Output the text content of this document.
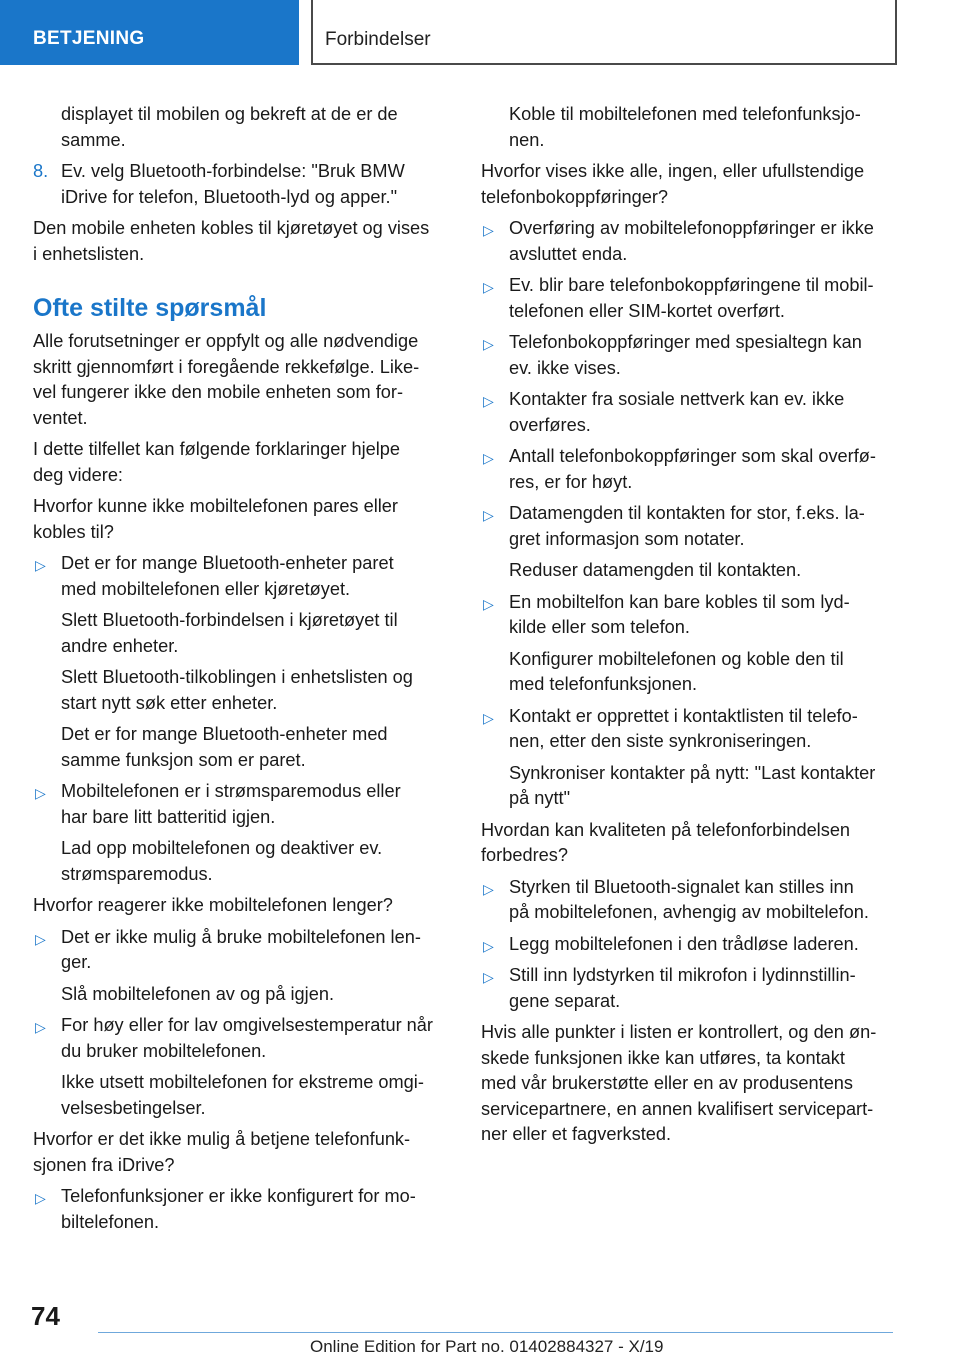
BETJENING	Forbindelser
displayet til mobilen og bekreft at de er de
samme.
8. Ev. velg Bluetooth-forbindelse: "Bruk BMW
iDrive for telefon, Bluetooth-lyd og apper."
Den mobile enheten kobles til kjøretøyet og vises
i enhetslisten.
Ofte stilte spørsmål
Alle forutsetninger er oppfylt og alle nødvendige
skritt gjennomført i foregående rekkefølge. Like-
vel fungerer ikke den mobile enheten som for-
ventet.
I dette tilfellet kan følgende forklaringer hjelpe
deg videre:
Hvorfor kunne ikke mobiltelefonen pares eller
kobles til?
▷ Det er for mange Bluetooth-enheter paret
med mobiltelefonen eller kjøretøyet.
Slett Bluetooth-forbindelsen i kjøretøyet til
andre enheter.
Slett Bluetooth-tilkoblingen i enhetslisten og
start nytt søk etter enheter.
Det er for mange Bluetooth-enheter med
samme funksjon som er paret.
▷ Mobiltelefonen er i strømsparemodus eller
har bare litt batteritid igjen.
Lad opp mobiltelefonen og deaktiver ev.
strømsparemodus.
Hvorfor reagerer ikke mobiltelefonen lenger?
▷ Det er ikke mulig å bruke mobiltelefonen len-
ger.
Slå mobiltelefonen av og på igjen.
▷ For høy eller for lav omgivelsestemperatur når
du bruker mobiltelefonen.
Ikke utsett mobiltelefonen for ekstreme omgi-
velsesbetingelser.
Hvorfor er det ikke mulig å betjene telefonfunk-
sjonen fra iDrive?
▷ Telefonfunksjoner er ikke konfigurert for mo-
biltelefonen.
Koble til mobiltelefonen med telefonfunksjo-
nen.
Hvorfor vises ikke alle, ingen, eller ufullstendige
telefonbokoppføringer?
▷ Overføring av mobiltelefonoppføringer er ikke
avsluttet enda.
▷ Ev. blir bare telefonbokoppføringene til mobil-
telefonen eller SIM-kortet overført.
▷ Telefonbokoppføringer med spesialtegn kan
ev. ikke vises.
▷ Kontakter fra sosiale nettverk kan ev. ikke
overføres.
▷ Antall telefonbokoppføringer som skal overfø-
res, er for høyt.
▷ Datamengden til kontakten for stor, f.eks. la-
gret informasjon som notater.
Reduser datamengden til kontakten.
▷ En mobiltelfon kan bare kobles til som lyd-
kilde eller som telefon.
Konfigurer mobiltelefonen og koble den til
med telefonfunksjonen.
▷ Kontakt er opprettet i kontaktlisten til telefo-
nen, etter den siste synkroniseringen.
Synkroniser kontakter på nytt: "Last kontakter
på nytt"
Hvordan kan kvaliteten på telefonforbindelsen
forbedres?
▷ Styrken til Bluetooth-signalet kan stilles inn
på mobiltelefonen, avhengig av mobiltelefon.
▷ Legg mobiltelefonen i den trådløse laderen.
▷ Still inn lydstyrken til mikrofon i lydinnstillin-
gene separat.
Hvis alle punkter i listen er kontrollert, og den øn-
skede funksjonen ikke kan utføres, ta kontakt
med vår brukerstøtte eller en av produsentens
servicepartnere, en annen kvalifisert servicepart-
ner eller et fagverksted.
74
Online Edition for Part no. 01402884327 - X/19
